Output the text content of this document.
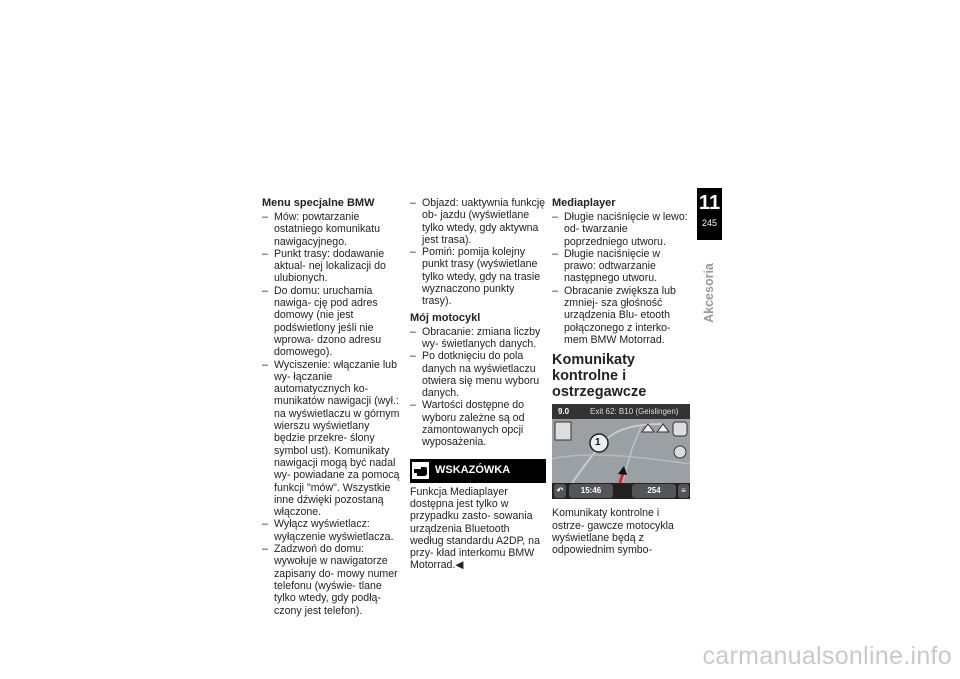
Menu specjalne BMW
– Mów: powtarzanie ostatniego komunikatu nawigacyjnego.
– Punkt trasy: dodawanie aktual- nej lokalizacji do ulubionych.
– Do domu: uruchamia nawiga- cję pod adres domowy (nie jest podświetlony jeśli nie wprowa- dzono adresu domowego).
– Wyciszenie: włączanie lub wy- łączanie automatycznych ko- munikatów nawigacji (wył.: na wyświetlaczu w górnym wierszu wyświetlany będzie przekre- ślony symbol ust). Komunikaty nawigacji mogą być nadal wy- powiadane za pomocą funkcji "mów". Wszystkie inne dźwięki pozostaną włączone.
– Wyłącz wyświetlacz: wyłączenie wyświetlacza.
– Zadzwoń do domu: wywołuje w nawigatorze zapisany do- mowy numer telefonu (wyświe- tlane tylko wtedy, gdy podłą- czony jest telefon).
– Objazd: uaktywnia funkcję ob- jazdu (wyświetlane tylko wtedy, gdy aktywna jest trasa).
– Pomiń: pomija kolejny punkt trasy (wyświetlane tylko wtedy, gdy na trasie wyznaczono punkty trasy).
Mój motocykl
– Obracanie: zmiana liczby wy- świetlanych danych.
– Po dotknięciu do pola danych na wyświetlaczu otwiera się menu wyboru danych.
– Wartości dostępne do wyboru zależne są od zamontowanych opcji wyposażenia.
WSKAZÓWKA

Funkcja Mediaplayer dostępna jest tylko w przypadku zasto- sowania urządzenia Bluetooth według standardu A2DP, na przy- kład interkomu BMW Motorrad.◀

Mediaplayer
– Długie naciśnięcie w lewo: od- twarzanie poprzedniego utworu.
– Długie naciśnięcie w prawo: odtwarzanie następnego utworu.
– Obracanie zwiększa lub zmniej- sza głośność urządzenia Blu- etooth połączonego z interko- mem BMW Motorrad.
Komunikaty kontrolne i ostrzegawcze
9.0	Exit 62: B10 (Geislingen)
1
↶	15:46	254	≡

Komunikaty kontrolne i ostrze- gawcze motocykla wyświetlane będą z odpowiednim symbo-

11
245
Akcesoria
carmanualsonline.info
